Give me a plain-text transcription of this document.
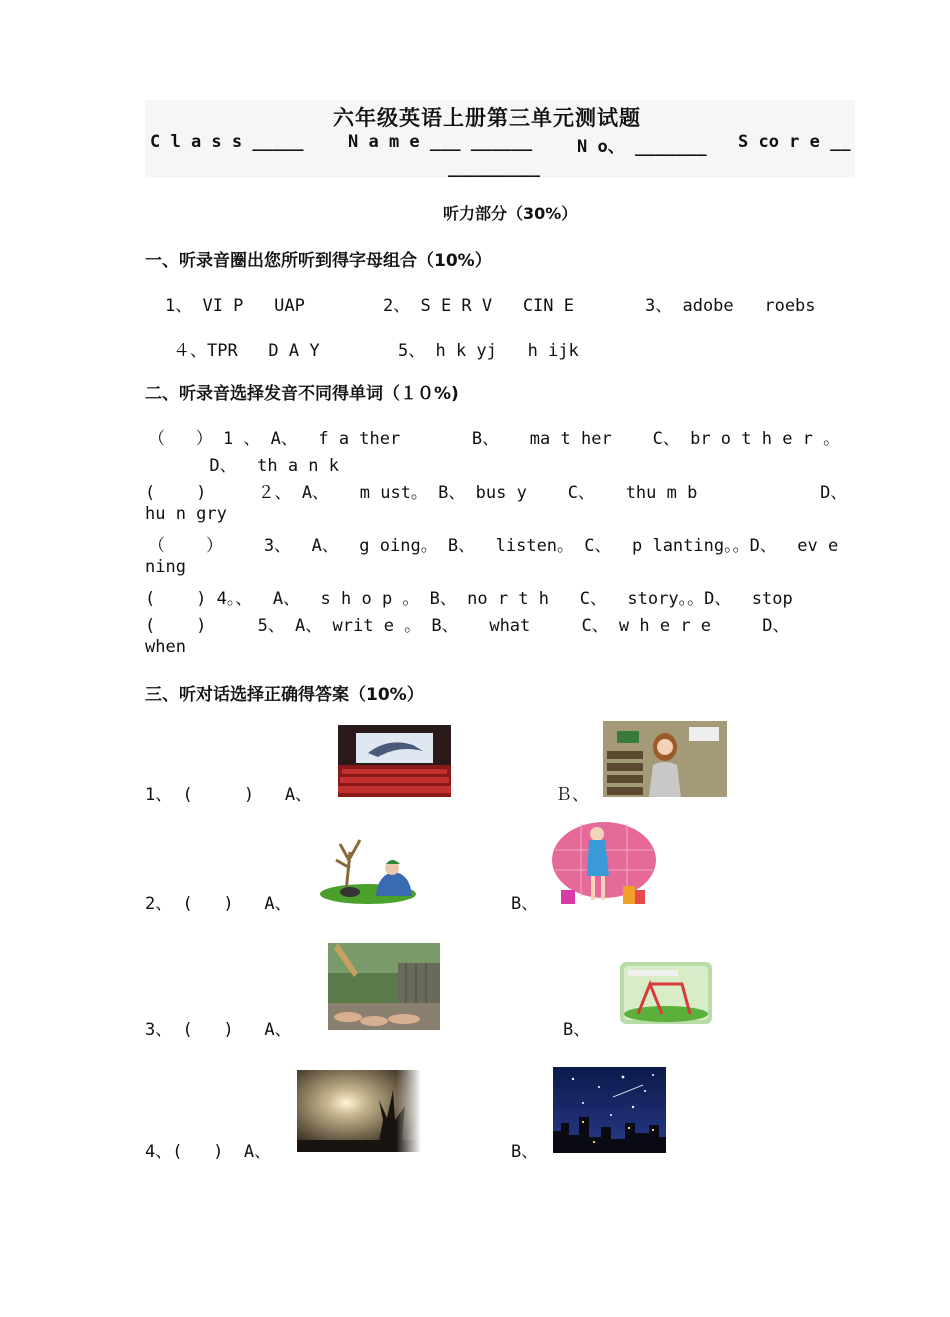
六年级英语上册第三单元测试题
C l a s s _____	N a m e ___ ______	N o、 _______ S co r e __
_________
听力部分（30%）
一、听录音圈出您所听到得字母组合（10%）
1、 VI P   UAP	2、 S E R V   CIN E	3、 adobe   roebs
４、TPR   D A Y	5、 h k yj   h ijk
二、听录音选择发音不同得单词（１０%)
（   ） 1 、 A、  f a ther       B、   ma t her    C、 br o t h e r 。
D、  th a n k
(    )     ２、 A、   m ust。 B、 bus y    C、   thu m b            D、
hu n gry
（    ）    3、  A、  g oing。 B、  listen。 C、  p lanting。。D、  ev e
ning
(    ) 4。、  A、  s h o p 。 B、 no r t h   C、  story。。D、  stop
(    )     5、 A、 writ e 。 B、   what     C、 w h e r e     D、
when
三、听对话选择正确得答案（10%）
1、 (     )   A、	Ｂ、
2、 (   )   A、	B、
3、 (   )   A、	B、
4、(   )  A、	B、
